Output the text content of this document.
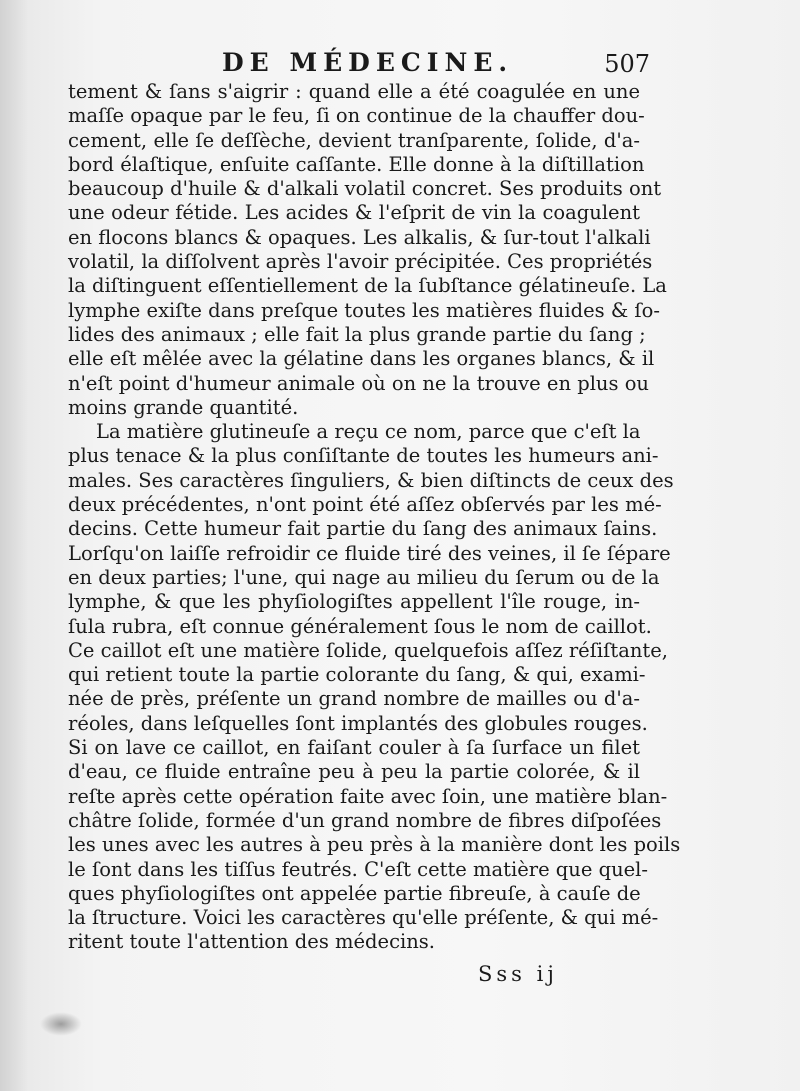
DE MÉDECINE.	507
tement & ſans s'aigrir : quand elle a été coagulée en une
maſſe opaque par le feu, ſi on continue de la chauffer dou-
cement, elle ſe deſſèche, devient tranſparente, ſolide, d'a-
bord élaſtique, enſuite caſſante. Elle donne à la diſtillation
beaucoup d'huile & d'alkali volatil concret. Ses produits ont
une odeur fétide. Les acides & l'eſprit de vin la coagulent
en flocons blancs & opaques. Les alkalis, & ſur-tout l'alkali
volatil, la diſſolvent après l'avoir précipitée. Ces propriétés
la diſtinguent eſſentiellement de la ſubſtance gélatineuſe. La
lymphe exiſte dans preſque toutes les matières fluides & ſo-
lides des animaux ; elle fait la plus grande partie du ſang ;
elle eſt mêlée avec la gélatine dans les organes blancs, & il
n'eſt point d'humeur animale où on ne la trouve en plus ou
moins grande quantité.
La matière glutineuſe a reçu ce nom, parce que c'eſt la
plus tenace & la plus conſiſtante de toutes les humeurs ani-
males. Ses caractères ſinguliers, & bien diſtincts de ceux des
deux précédentes, n'ont point été aſſez obſervés par les mé-
decins. Cette humeur fait partie du ſang des animaux ſains.
Lorſqu'on laiſſe refroidir ce fluide tiré des veines, il ſe ſépare
en deux parties; l'une, qui nage au milieu du ſerum ou de la
lymphe, & que les phyſiologiſtes appellent l'île rouge, in-
ſula rubra, eſt connue généralement ſous le nom de caillot.
Ce caillot eſt une matière ſolide, quelquefois aſſez réſiſtante,
qui retient toute la partie colorante du ſang, & qui, exami-
née de près, préſente un grand nombre de mailles ou d'a-
réoles, dans leſquelles ſont implantés des globules rouges.
Si on lave ce caillot, en faiſant couler à ſa ſurface un filet
d'eau, ce fluide entraîne peu à peu la partie colorée, & il
reſte après cette opération faite avec ſoin, une matière blan-
châtre ſolide, formée d'un grand nombre de fibres diſpoſées
les unes avec les autres à peu près à la manière dont les poils
le ſont dans les tiſſus feutrés. C'eſt cette matière que quel-
ques phyſiologiſtes ont appelée partie fibreuſe, à cauſe de
la ſtructure. Voici les caractères qu'elle préſente, & qui mé-
ritent toute l'attention des médecins.
Sss ij
